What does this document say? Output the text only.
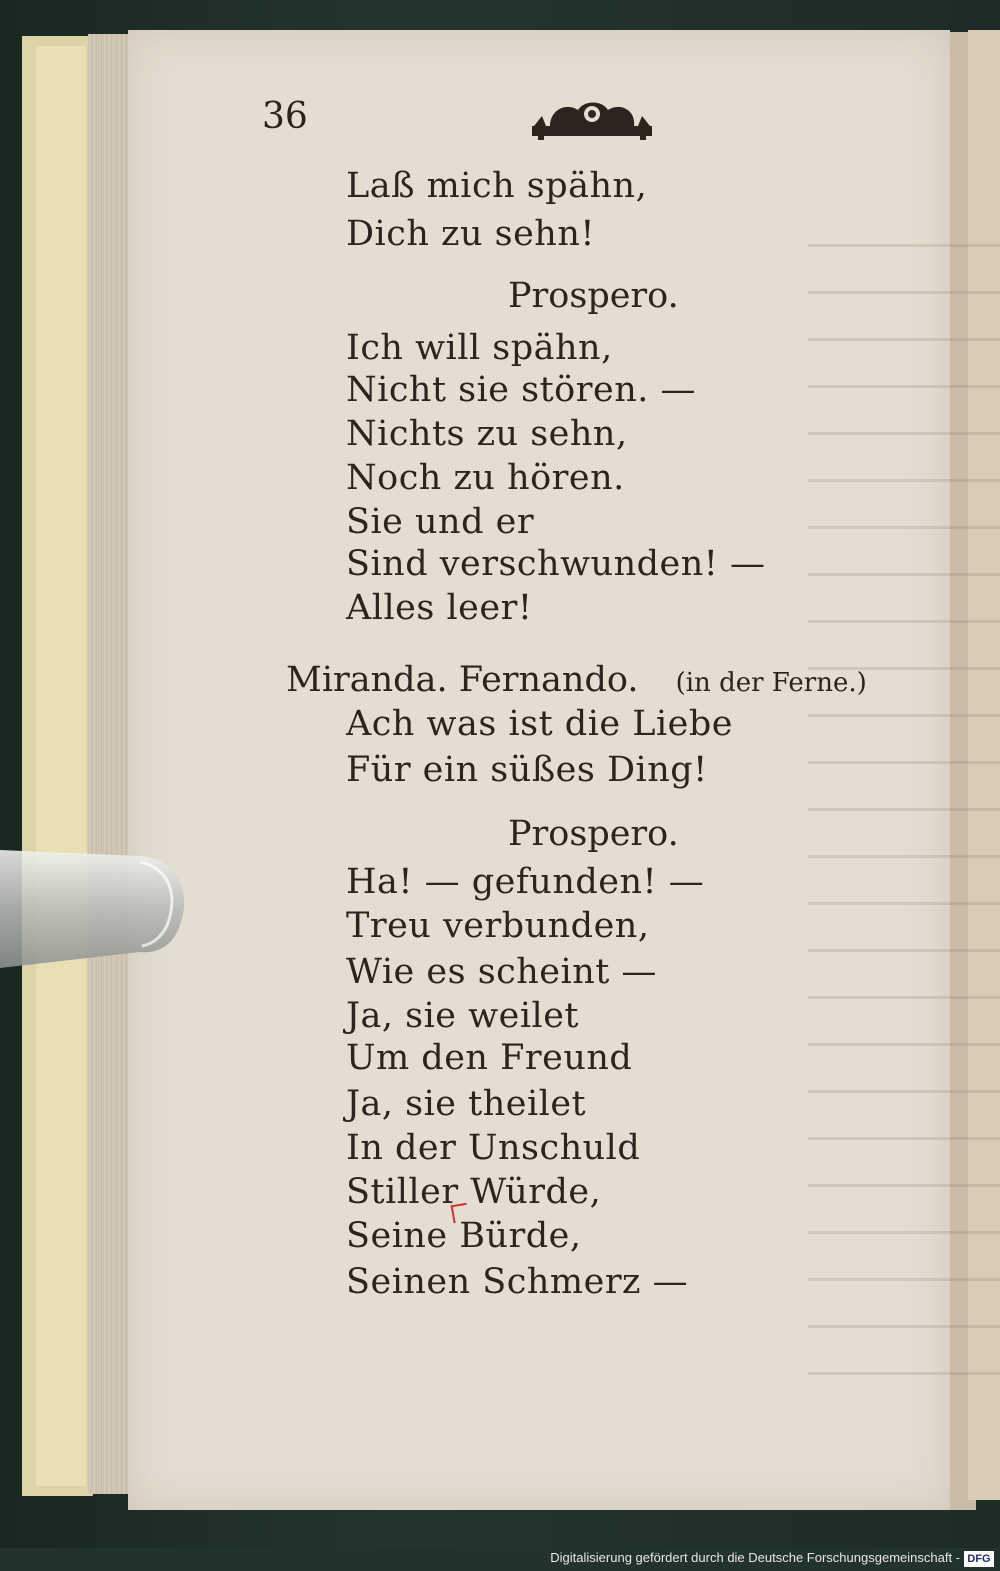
36
Laß mich spähn,
Dich zu sehn!
Prospero.
Ich will spähn,
Nicht sie stören. —
Nichts zu sehn,
Noch zu hören.
Sie und er
Sind verschwunden! —
Alles leer!
Miranda. Fernando. (in der Ferne.)
Ach was ist die Liebe
Für ein süßes Ding!
Prospero.
Ha! — gefunden! —
Treu verbunden,
Wie es scheint —
Ja, sie weilet
Um den Freund
Ja, sie theilet
In der Unschuld
Stiller Würde,
Seine Bürde,
Seinen Schmerz —
Digitalisierung gefördert durch die Deutsche Forschungsgemeinschaft - DFG
